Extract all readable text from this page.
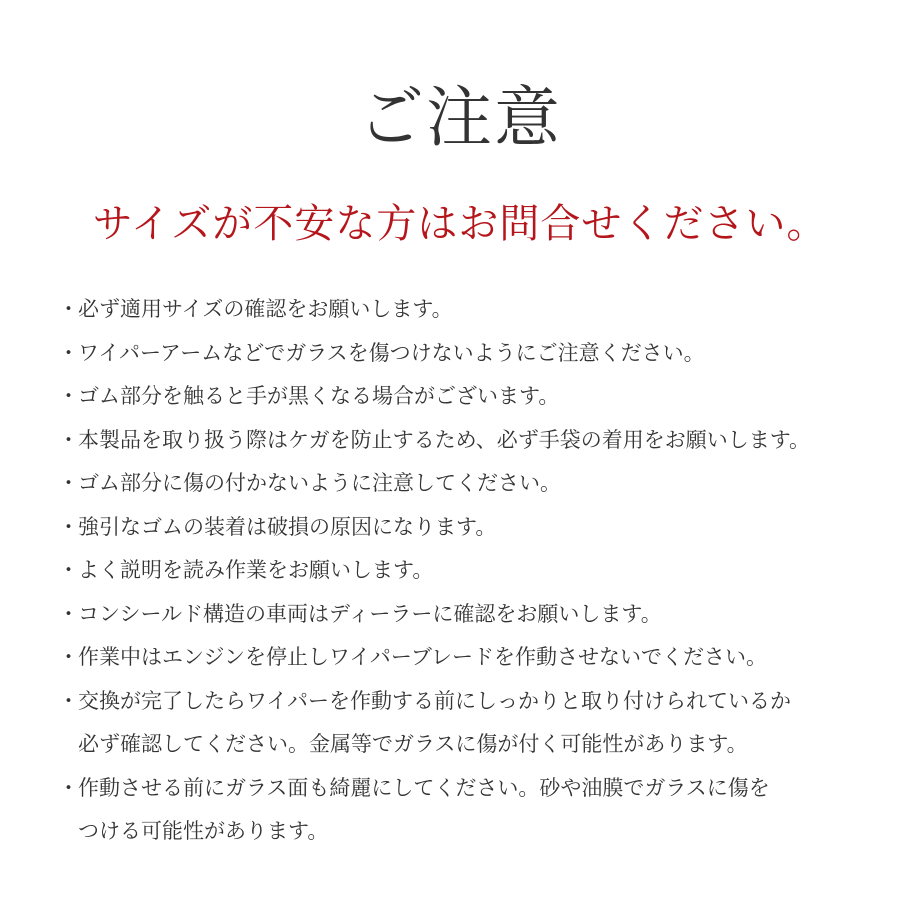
ご注意
サイズが不安な方はお問合せください。
・ 必ず適用サイズの確認をお願いします。
・ ワイパーアームなどでガラスを傷つけないようにご注意ください。
・ ゴム部分を触ると手が黒くなる場合がございます。
・ 本製品を取り扱う際はケガを防止するため、必ず手袋の着用をお願いします。
・ ゴム部分に傷の付かないように注意してください。
・ 強引なゴムの装着は破損の原因になります。
・ よく説明を読み作業をお願いします。
・ コンシールド構造の車両はディーラーに確認をお願いします。
・ 作業中はエンジンを停止しワイパーブレードを作動させないでください。
・ 交換が完了したらワイパーを作動する前にしっかりと取り付けられているか
必ず確認してください。金属等でガラスに傷が付く可能性があります。
・ 作動させる前にガラス面も綺麗にしてください。砂や油膜でガラスに傷を
つける可能性があります。
